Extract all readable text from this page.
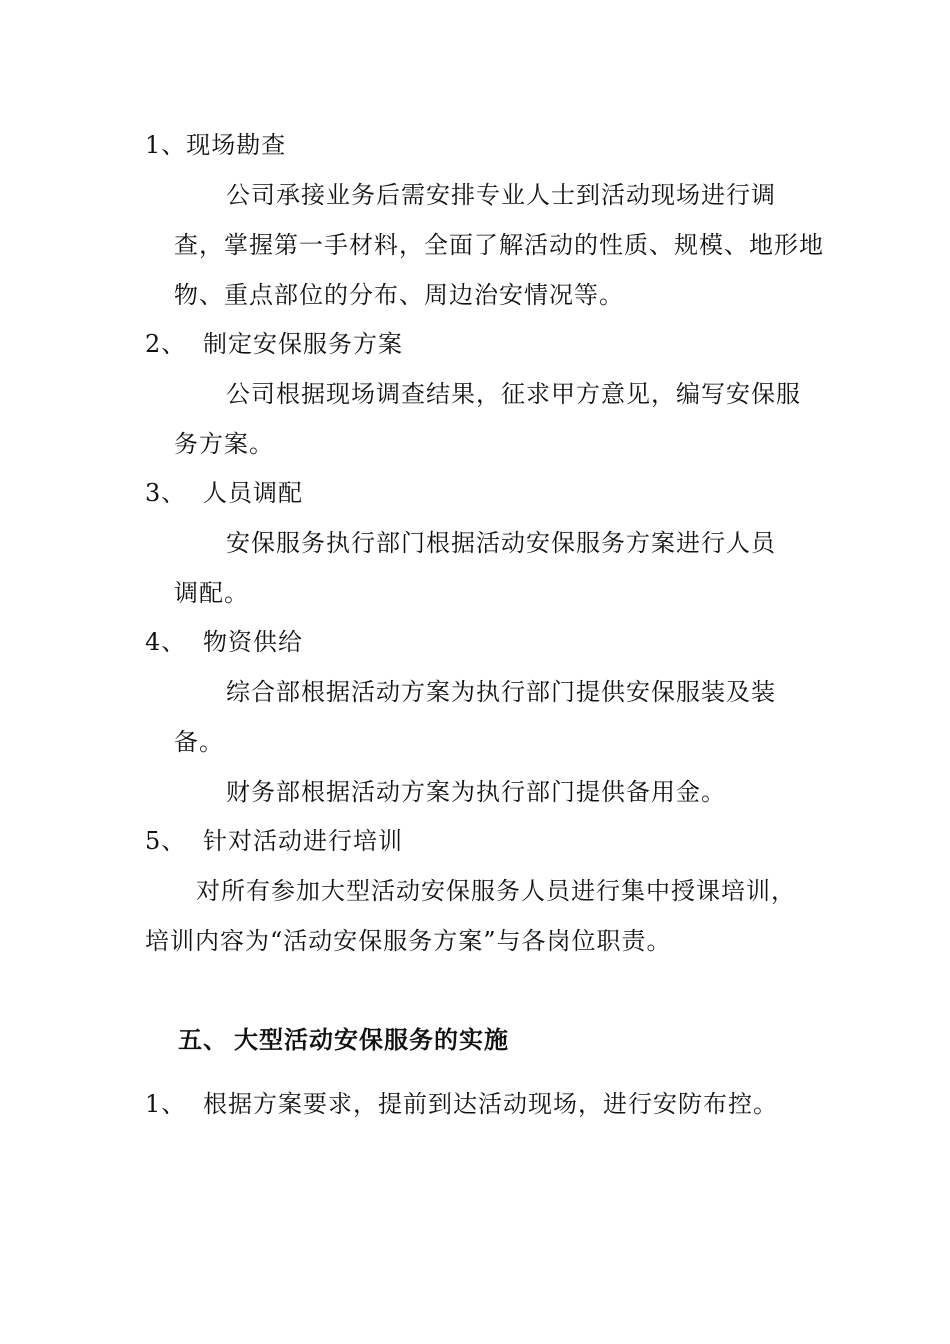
1、现场勘查
公司承接业务后需安排专业人士到活动现场进行调
查，掌握第一手材料，全面了解活动的性质、规模、地形地
物、重点部位的分布、周边治安情况等。
2、 制定安保服务方案
公司根据现场调查结果，征求甲方意见，编写安保服
务方案。
3、 人员调配
安保服务执行部门根据活动安保服务方案进行人员
调配。
4、 物资供给
综合部根据活动方案为执行部门提供安保服装及装
备。
财务部根据活动方案为执行部门提供备用金。
5、 针对活动进行培训
对所有参加大型活动安保服务人员进行集中授课培训，
培训内容为“活动安保服务方案”与各岗位职责。
五、 大型活动安保服务的实施
1、 根据方案要求，提前到达活动现场，进行安防布控。
